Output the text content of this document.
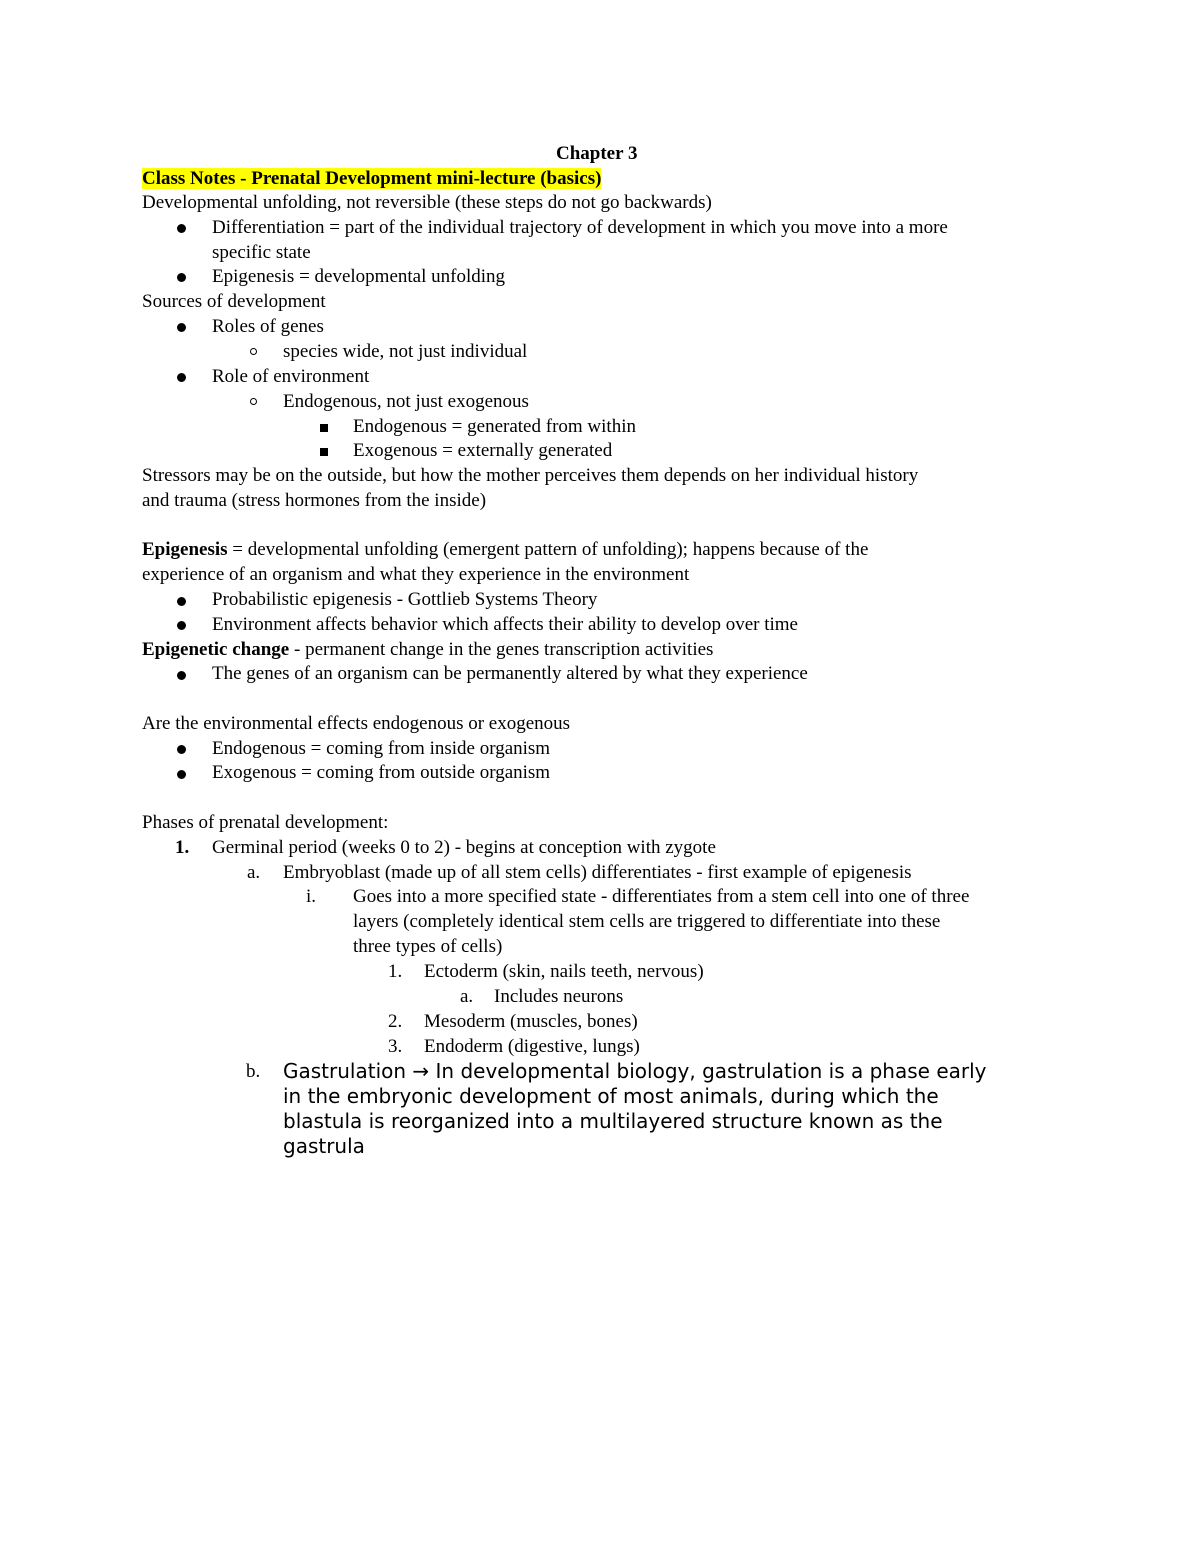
Chapter 3
Class Notes - Prenatal Development mini-lecture (basics)
Developmental unfolding, not reversible (these steps do not go backwards)
Differentiation = part of the individual trajectory of development in which you move into a more
specific state
Epigenesis = developmental unfolding
Sources of development
Roles of genes
species wide, not just individual
Role of environment
Endogenous, not just exogenous
Endogenous = generated from within
Exogenous = externally generated
Stressors may be on the outside, but how the mother perceives them depends on her individual history
and trauma (stress hormones from the inside)
Epigenesis = developmental unfolding (emergent pattern of unfolding); happens because of the
experience of an organism and what they experience in the environment
Probabilistic epigenesis - Gottlieb Systems Theory
Environment affects behavior which affects their ability to develop over time
Epigenetic change - permanent change in the genes transcription activities
The genes of an organism can be permanently altered by what they experience
Are the environmental effects endogenous or exogenous
Endogenous = coming from inside organism
Exogenous = coming from outside organism
Phases of prenatal development:
1. Germinal period (weeks 0 to 2) - begins at conception with zygote
a. Embryoblast (made up of all stem cells) differentiates - first example of epigenesis
i. Goes into a more specified state - differentiates from a stem cell into one of three
layers (completely identical stem cells are triggered to differentiate into these
three types of cells)
1. Ectoderm (skin, nails teeth, nervous)
a. Includes neurons
2. Mesoderm (muscles, bones)
3. Endoderm (digestive, lungs)
b. Gastrulation → In developmental biology, gastrulation is a phase early
in the embryonic development of most animals, during which the
blastula is reorganized into a multilayered structure known as the
gastrula
